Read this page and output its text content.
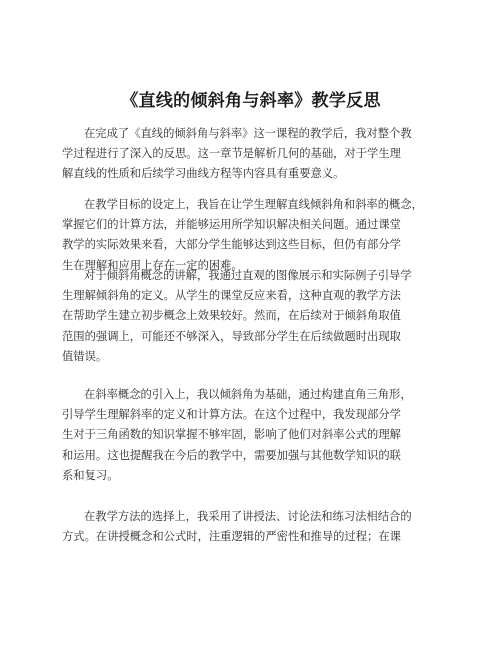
《直线的倾斜角与斜率》教学反思
在完成了《直线的倾斜角与斜率》这一课程的教学后，我对整个教
学过程进行了深入的反思。这一章节是解析几何的基础，对于学生理
解直线的性质和后续学习曲线方程等内容具有重要意义。
在教学目标的设定上，我旨在让学生理解直线倾斜角和斜率的概念，
掌握它们的计算方法，并能够运用所学知识解决相关问题。通过课堂
教学的实际效果来看，大部分学生能够达到这些目标，但仍有部分学
生在理解和应用上存在一定的困难。
对于倾斜角概念的讲解，我通过直观的图像展示和实际例子引导学
生理解倾斜角的定义。从学生的课堂反应来看，这种直观的教学方法
在帮助学生建立初步概念上效果较好。然而，在后续对于倾斜角取值
范围的强调上，可能还不够深入，导致部分学生在后续做题时出现取
值错误。
在斜率概念的引入上，我以倾斜角为基础，通过构建直角三角形，
引导学生理解斜率的定义和计算方法。在这个过程中，我发现部分学
生对于三角函数的知识掌握不够牢固，影响了他们对斜率公式的理解
和运用。这也提醒我在今后的教学中，需要加强与其他数学知识的联
系和复习。
在教学方法的选择上，我采用了讲授法、讨论法和练习法相结合的
方式。在讲授概念和公式时，注重逻辑的严密性和推导的过程；在课
